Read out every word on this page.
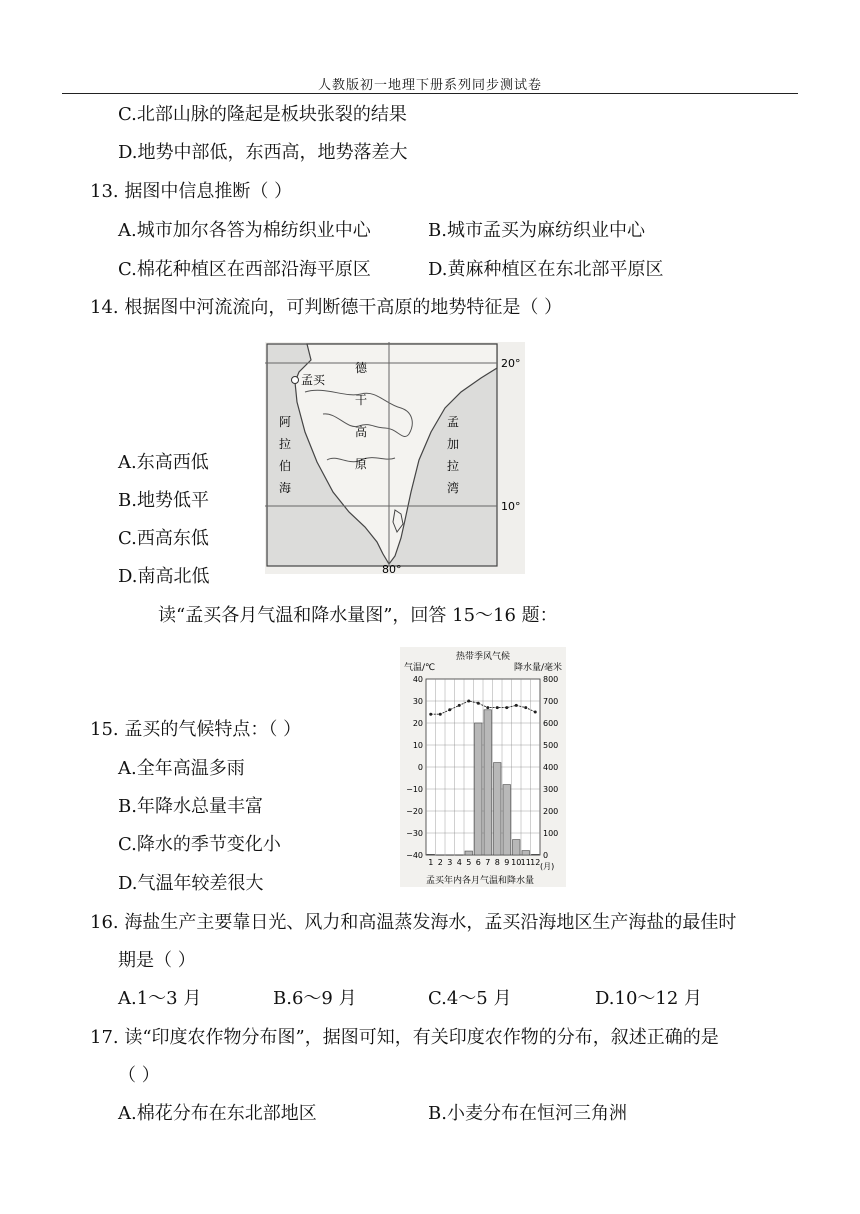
人教版初一地理下册系列同步测试卷
C.北部山脉的隆起是板块张裂的结果
D.地势中部低，东西高，地势落差大
13. 据图中信息推断（ ）
A.城市加尔各答为棉纺织业中心	B.城市孟买为麻纺织业中心
C.棉花种植区在西部沿海平原区	D.黄麻种植区在东北部平原区
14. 根据图中河流流向，可判断德干高原的地势特征是（ ）
A.东高西低
B.地势低平
C.西高东低
D.南高北低
读“孟买各月气温和降水量图”，回答 15～16 题：
15. 孟买的气候特点：（ ）
A.全年高温多雨
B.年降水总量丰富
C.降水的季节变化小
D.气温年较差很大
16. 海盐生产主要靠日光、风力和高温蒸发海水，孟买沿海地区生产海盐的最佳时
期是（ ）
A.1～3 月	B.6～9 月	C.4～5 月	D.10～12 月
17. 读“印度农作物分布图”，据图可知，有关印度农作物的分布，叙述正确的是
（ ）
A.棉花分布在东北部地区	B.小麦分布在恒河三角洲
孟买
德
干
高
原
阿
拉
伯
海
孟
加
拉
湾
20°
10°
80°
热带季风气候
气温/℃	降水量/毫米
(月)
孟买年内各月气温和降水量
40	800
30	700
20	600
10	500
0	400
−10	300
−20	200
−30	100
−40	0
1 2 3 4 5 6 7 8 9 10 11 12
